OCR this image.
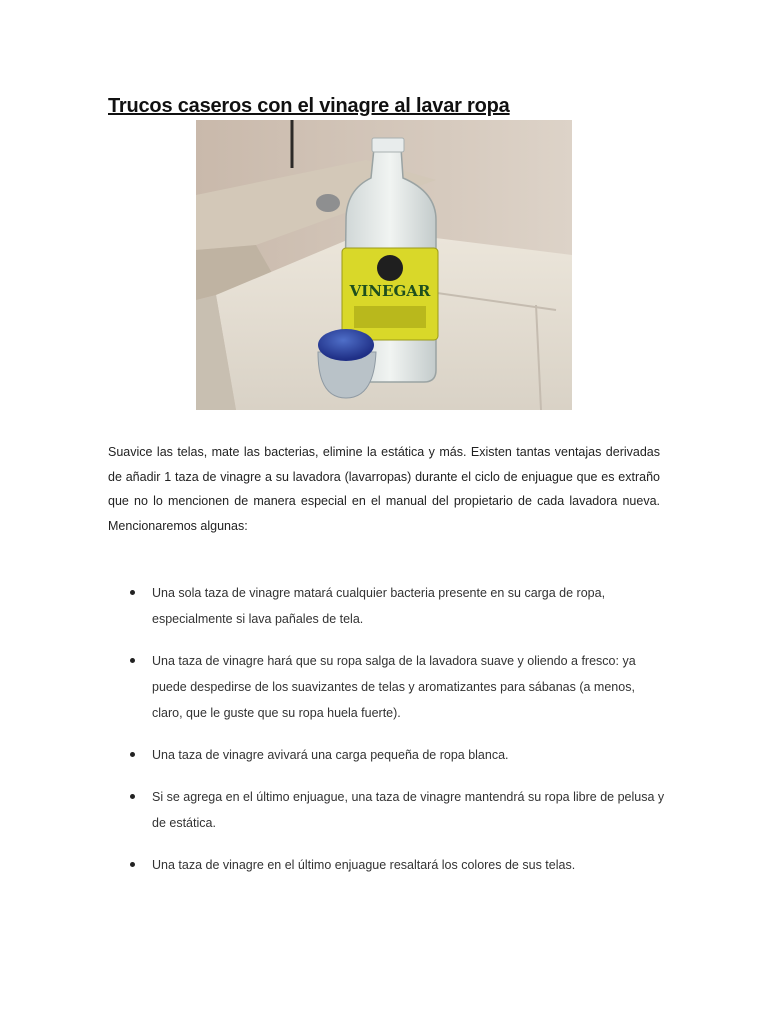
Trucos caseros con el vinagre al lavar ropa
VINEGAR

Suavice las telas, mate las bacterias, elimine la estática y más. Existen tantas ventajas derivadas de añadir 1 taza de vinagre a su lavadora (lavarropas) durante el ciclo de enjuague que es extraño que no lo mencionen de manera especial en el manual del propietario de cada lavadora nueva. Mencionaremos algunas:

Una sola taza de vinagre matará cualquier bacteria presente en su carga de ropa, especialmente si lava pañales de tela.
Una taza de vinagre hará que su ropa salga de la lavadora suave y oliendo a fresco: ya puede despedirse de los suavizantes de telas y aromatizantes para sábanas (a menos, claro, que le guste que su ropa huela fuerte).
Una taza de vinagre avivará una carga pequeña de ropa blanca.
Si se agrega en el último enjuague, una taza de vinagre mantendrá su ropa libre de pelusa y de estática.
Una taza de vinagre en el último enjuague resaltará los colores de sus telas.
